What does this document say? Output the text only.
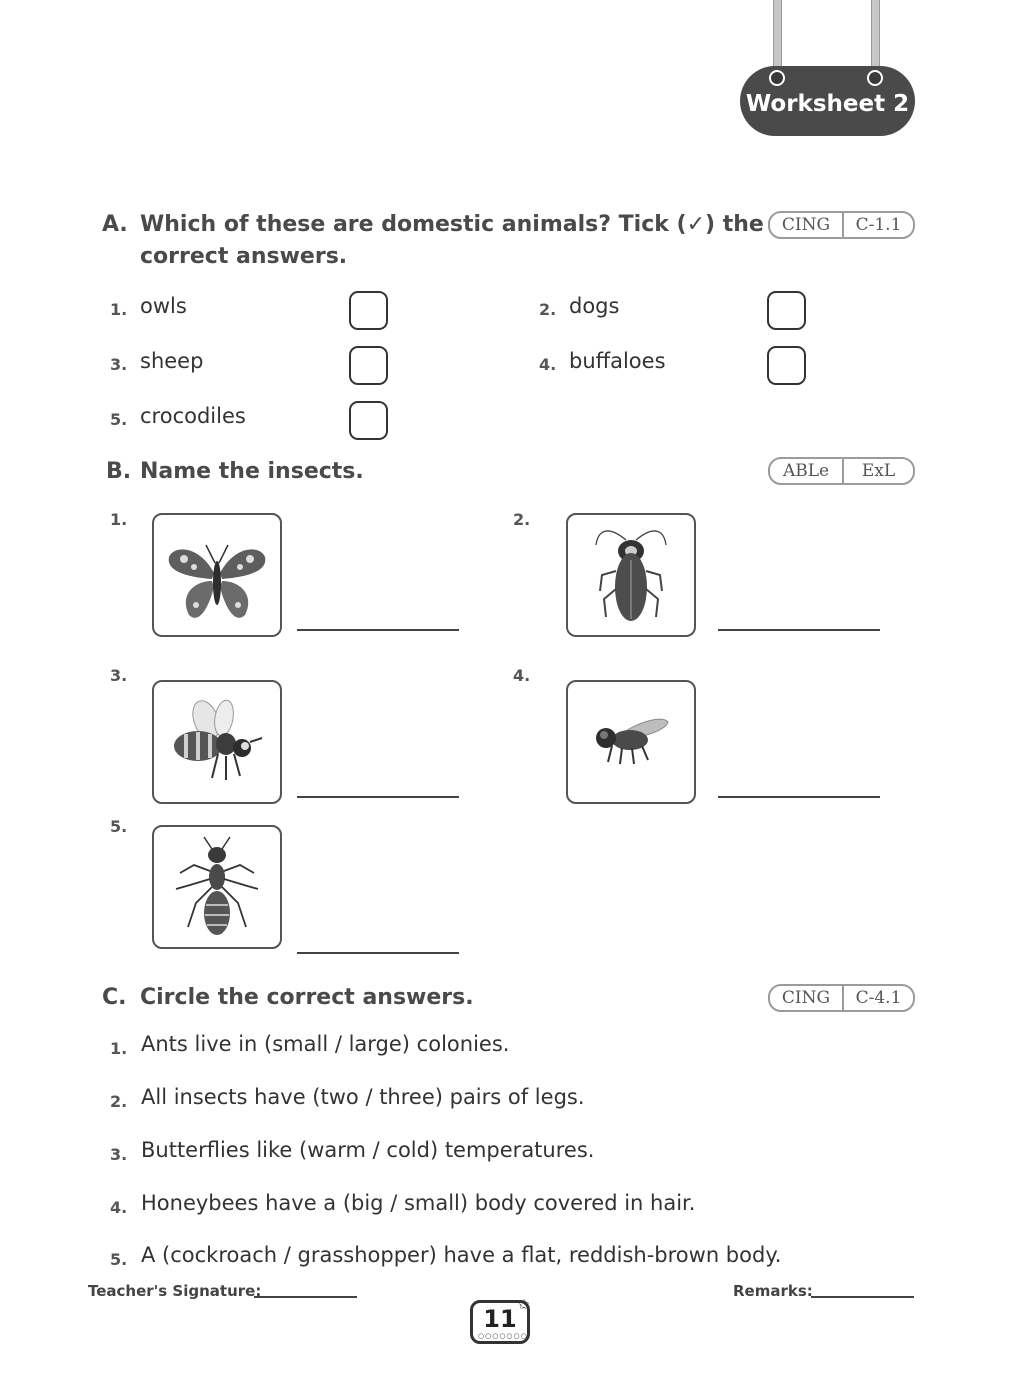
Worksheet 2
A. Which of these are domestic animals? Tick (✓) the
correct answers.
CING	C-1.1
1. owls	2. dogs
3. sheep	4. buffaloes
5. crocodiles
B. Name the insects.	ABLe	ExL
1.	2.
3.	4.
5.
C. Circle the correct answers.	CING	C-4.1
1. Ants live in (small / large) colonies.
2. All insects have (two / three) pairs of legs.
3. Butterflies like (warm / cold) temperatures.
4. Honeybees have a (big / small) body covered in hair.
5. A (cockroach / grasshopper) have a flat, reddish-brown body.
Teacher's Signature:	Remarks:
11 ✩
○○○○○○○
